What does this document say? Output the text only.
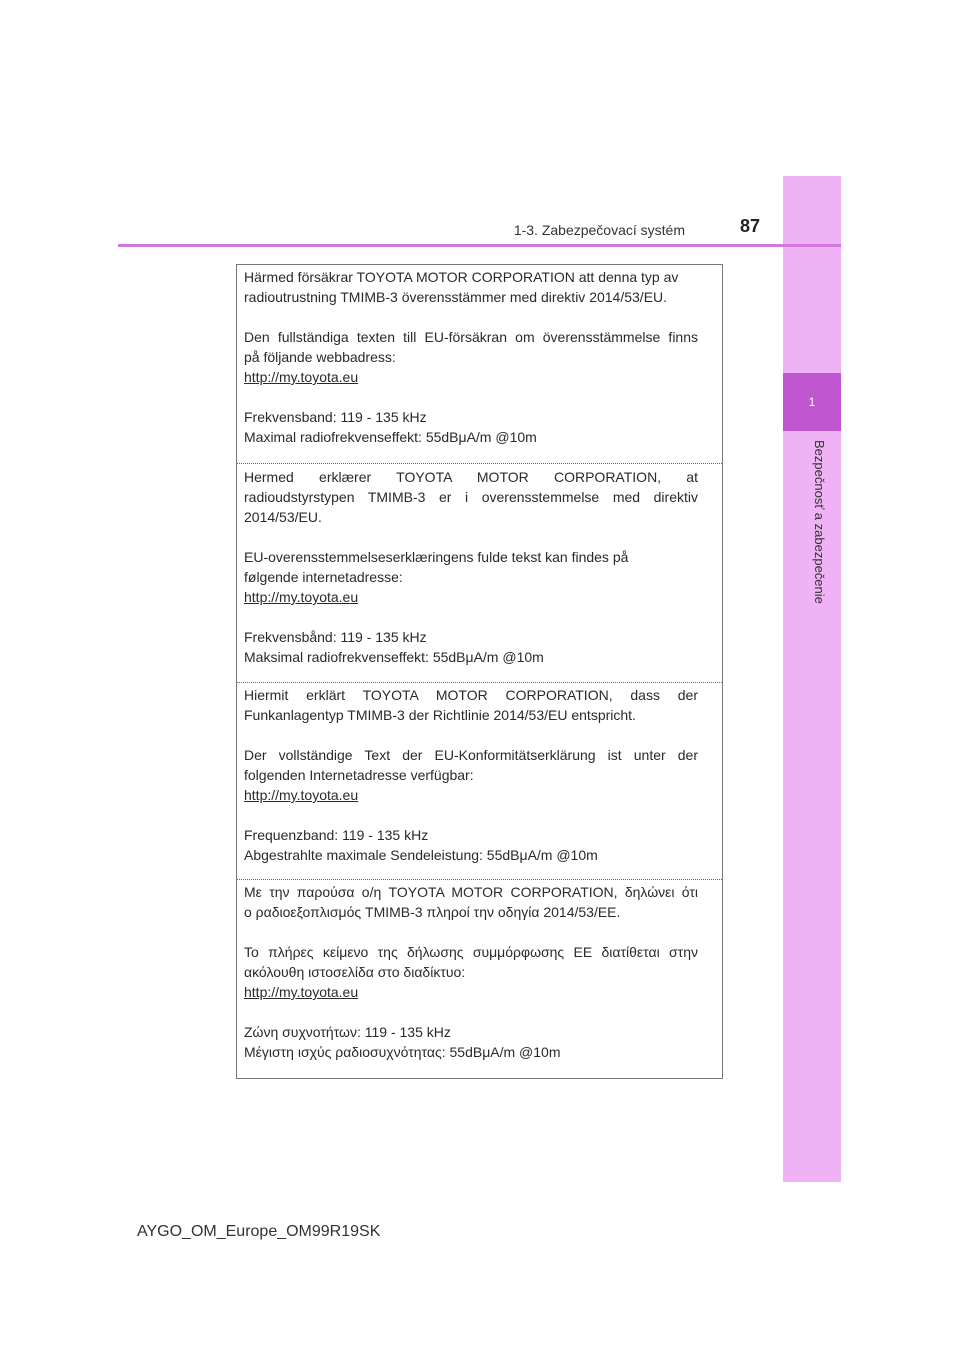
1
Bezpečnosť a zabezpečenie
1-3. Zabezpečovací systém	87

Härmed försäkrar TOYOTA MOTOR CORPORATION att denna typ av

radioutrustning TMIMB-3 överensstämmer med direktiv 2014/53/EU.

Den fullständiga texten till EU-försäkran om överensstämmelse finns

på följande webbadress:

http://my.toyota.eu

Frekvensband: 119 - 135 kHz

Maximal radiofrekvenseffekt: 55dBμA/m @10m

Hermed erklærer TOYOTA MOTOR CORPORATION, at

radioudstyrstypen TMIMB-3 er i overensstemmelse med direktiv

2014/53/EU.

EU-overensstemmelseserklæringens fulde tekst kan findes på

følgende internetadresse:

http://my.toyota.eu

Frekvensbånd: 119 - 135 kHz

Maksimal radiofrekvenseffekt: 55dBμA/m @10m

Hiermit erklärt TOYOTA MOTOR CORPORATION, dass der

Funkanlagentyp TMIMB-3 der Richtlinie 2014/53/EU entspricht.

Der vollständige Text der EU-Konformitätserklärung ist unter der

folgenden Internetadresse verfügbar:

http://my.toyota.eu

Frequenzband: 119 - 135 kHz

Abgestrahlte maximale Sendeleistung: 55dBμA/m @10m

Με την παρούσα ο/η TOYOTA MOTOR CORPORATION, δηλώνει ότι

ο ραδιοεξοπλισμός TMIMB-3 πληροί την οδηγία 2014/53/ΕΕ.

Το πλήρες κείμενο της δήλωσης συμμόρφωσης ΕΕ διατίθεται στην

ακόλουθη ιστοσελίδα στο διαδίκτυο:

http://my.toyota.eu

Ζώνη συχνοτήτων: 119 - 135 kHz

Μέγιστη ισχύς ραδιοσυχνότητας: 55dBμA/m @10m

AYGO_OM_Europe_OM99R19SK
